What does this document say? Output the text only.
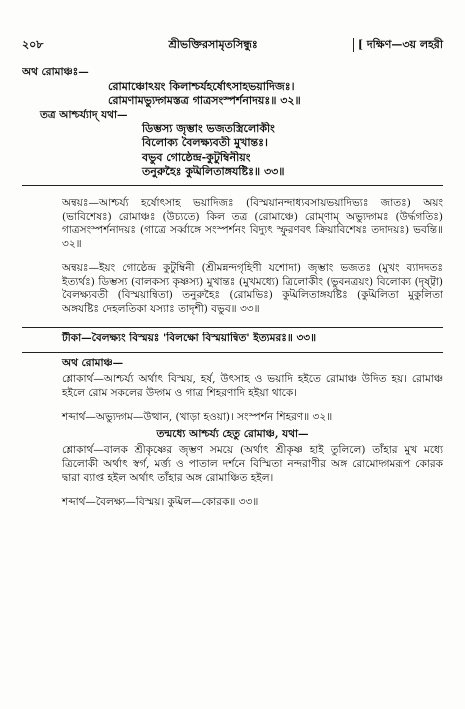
২০৮	শ্রীভক্তিরসামৃতসিন্ধুঃ	[ দক্ষিণ—৩য় লহরী

অথ রোমাঞ্চঃ—

রোমাঞ্চোঽয়ং কিলাশ্চর্যহর্ষোৎসাহভয়াদিজঃ।

রোমণামভ্যুদ্গমস্তত্র গাত্রসংস্পর্শনাদয়ঃ॥ ৩২॥

তত্র আশ্চর্য্যাদ্ যথা—

ডিম্ভস্য জৃম্ভাং ভজতস্ত্রিলোকীং

বিলোক্য বৈলক্ষ্যবতী মুখান্তঃ।

বভুব গোষ্ঠেন্দ্র-কুটুম্বিনীয়ং

তনুরুহৈঃ কুট্মলিতাঙ্গযষ্টিঃ॥ ৩৩॥

অন্বয়ঃ—আশ্চর্য্য হর্ষোৎসাহ ভয়াদিজঃ (বিস্ময়ানন্দাধ্যবসায়ভয়াদিভ্যঃ জাতঃ) অয়ং (ভাবিশেষঃ) রোমাঞ্চঃ (উচ্যতে) কিল তত্র (রোমাঞ্চে) রোম্ণাম্ অভ্যুদ্গমঃ (উর্দ্ধগতিঃ) গাত্রসংস্পর্শনাদয়ঃ (গাত্রে সর্ব্বাঙ্গে সংস্পর্শনং বিদ্যুৎ স্ফুরণবৎ ক্রিয়াবিশেষঃ তদাদয়ঃ) ভবন্তি॥ ৩২॥

অন্বয়ঃ—ইয়ং গোষ্ঠেন্দ্র কুটুম্বিনী (শ্রীমন্নন্দগৃহিণী যশোদা) জৃম্ভাং ভজতঃ (মুখং ব্যাদদতঃ ইত্যর্থঃ) ডিম্ভস্য (বালকস্য কৃষ্ণস্য) মুখান্তঃ (মুখমধ্যে) ত্রিলোকীং (ভুবনত্রয়ং) বিলোক্য (দৃষ্ট্বা) বৈলক্ষ্যবতী (বিস্ময়ান্বিতা) তনুরুহৈঃ (রোমভিঃ) কুট্মলিতাঙ্গযষ্টিঃ (কুট্মলিতা মুকুলিতা অঙ্গযষ্টিঃ দেহলতিকা যস্যাঃ তাদৃশী) বভুব॥ ৩৩॥

টীকা—বৈলক্ষ্যং বিস্ময়ঃ 'বিলক্ষো বিস্ময়ান্বিত' ইত্যমরঃ॥ ৩৩॥

অথ রোমাঞ্চ—

শ্লোকার্থ—আশ্চর্য্য অর্থাৎ বিস্ময়, হর্ষ, উৎসাহ ও ভয়াদি হইতে রোমাঞ্চ উদিত হয়। রোমাঞ্চ হইলে রোম সকলের উদ্গম ও গাত্র শিহরণাদি হইয়া থাকে।

শব্দার্থ—অভ্যুদ্গম—উত্থান, (খাড়া হওয়া)। সংস্পর্শন শিহরণ॥ ৩২॥

তন্মধ্যে আশ্চর্য্য হেতু রোমাঞ্চ, যথা—

শ্লোকার্থ—বালক শ্রীকৃষ্ণের জৃম্ভণ সময়ে (অর্থাৎ শ্রীকৃষ্ণ হাই তুলিলে) তাঁহার মুখ মধ্যে ত্রিলোকী অর্থাৎ স্বর্গ, মর্ত্ত্য ও পাতাল দর্শনে বিস্মিতা নন্দরাণীর অঙ্গ রোমোদ্গমরূপ কোরক দ্বারা ব্যাপ্ত হইল অর্থাৎ তাঁহার অঙ্গ রোমাঞ্চিত হইল।

শব্দার্থ—বৈলক্ষ্য—বিস্ময়। কুট্মল—কোরক॥ ৩৩॥
